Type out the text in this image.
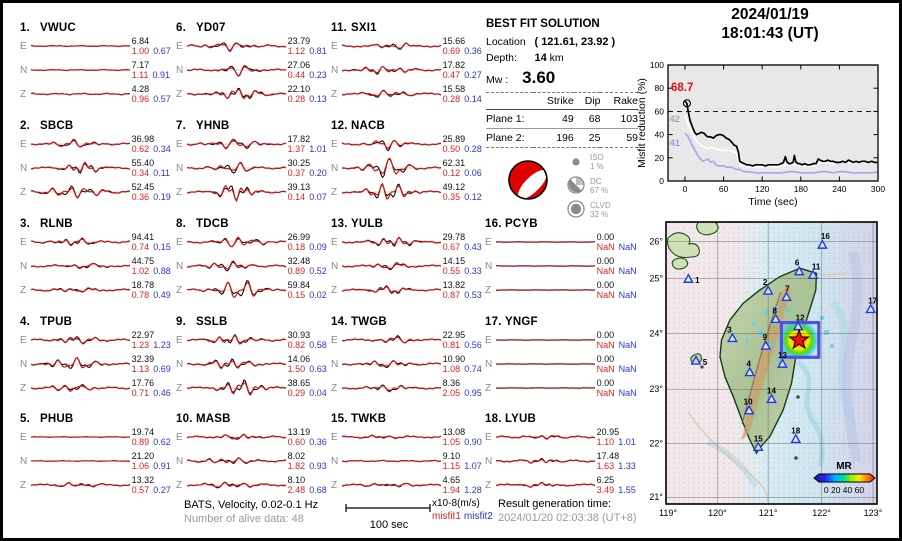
1. VWUC
E	6.84
1.00 0.67
N	7.17
1.11 0.91
Z	4.28
0.96 0.57
2. SBCB
E	36.98
0.62 0.34
N	55.40
0.34 0.11
Z	52.45
0.36 0.19
3. RLNB
E	94.41
0.74 0.15
N	44.75
1.02 0.88
Z	18.78
0.78 0.49
4. TPUB
E	22.97
1.23 1.23
N	32.39
1.13 0.69
Z	17.76
0.71 0.46
5. PHUB
E	19.74
0.89 0.62
N	21.20
1.06 0.91
Z	13.32
0.57 0.27
6. YD07
E	23.79
1.12 0.81
N	27.06
0.44 0.23
Z	22.10
0.28 0.13
7. YHNB
E	17.82
1.37 1.01
N	30.25
0.37 0.20
Z	39.13
0.14 0.07
8. TDCB
E	26.99
0.18 0.09
N	32.48
0.89 0.52
Z	59.84
0.15 0.02
9. SSLB
E	30.93
0.82 0.58
N	14.06
1.50 0.63
Z	38.65
0.29 0.04
10. MASB
E	13.19
0.60 0.36
N	8.02
1.82 0.93
Z	8.10
2.48 0.68
11. SXI1
E	15.66
0.69 0.36
N	17.82
0.47 0.27
Z	15.58
0.28 0.14
12. NACB
E	25.89
0.50 0.28
N	62.31
0.12 0.06
Z	49.12
0.35 0.12
13. YULB
E	29.78
0.67 0.43
N	14.15
0.55 0.33
Z	13.82
0.87 0.53
14. TWGB
E	22.95
0.81 0.56
N	10.90
1.08 0.74
Z	8.36
2.05 0.95
15. TWKB
E	13.08
1.05 0.90
N	9.10
1.15 1.07
Z	4.65
1.94 1.28
16. PCYB
E	0.00
NaN NaN
N	0.00
NaN NaN
Z	0.00
NaN NaN
17. YNGF
E	0.00
NaN NaN
N	0.00
NaN NaN
Z	0.00
NaN NaN
18. LYUB
E	20.95
1.10 1.01
N	17.48
1.63 1.33
Z	6.25
3.49 1.55
BEST FIT SOLUTION
Location ( 121.61, 23.92 )
Depth: 14 km
Mw : 3.60
	Strike	Dip	Rake
Plane 1:	49	68	103
Plane 2:	196	25	59
ISO
1 %
DC
67 %
CLVD
32 %
2024/01/19
18:01:43 (UT)
0
20
40
60
80
100
0	60	120	180	240	300
Time (sec)
Misfit reduction (%) 68.7
42
41
1	2
3
4
5
6
7
8
9
10
11
12
13
14
15
16
17
18
MR
0 20 40 60
26°
25°
24°
23°
22°
21°
119°	120°	121°	122°	123°
BATS, Velocity, 0.02-0.1 Hz
Number of alive data: 48	100 sec
x10-8(m/s)
misfit1 misfit2
Result generation time:
2024/01/20 02:03:38 (UT+8)
